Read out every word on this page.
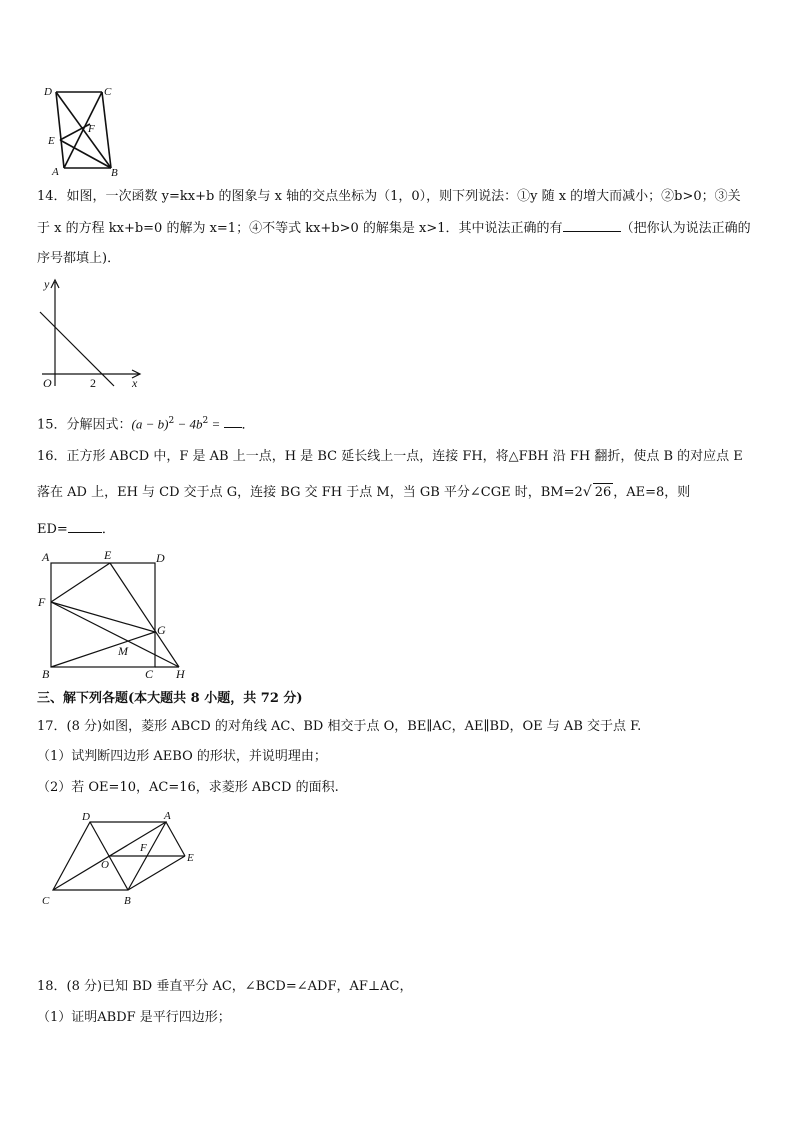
D	C
E
F
A	B
14．如图，一次函数 y=kx+b 的图象与 x 轴的交点坐标为（1，0），则下列说法：①y 随 x 的增大而减小；②b>0；③关
于 x 的方程 kx+b=0 的解为 x=1；④不等式 kx+b>0 的解集是 x>1．其中说法正确的有	（把你认为说法正确的
序号都填上)．
y
x
O	2
15．分解因式：$(a - b)^2 - 4b^2$ = ．
16．正方形 ABCD 中，F 是 AB 上一点，H 是 BC 延长线上一点，连接 FH，将△FBH 沿 FH 翻折，使点 B 的对应点 E
落在 AD 上，EH 与 CD 交于点 G，连接 BG 交 FH 于点 M，当 GB 平分∠CGE 时，BM=2√ 26 ，AE=8，则
ED=	．
A	E	D
F
G
M
B	C H
三、解下列各题(本大题共 8 小题，共 72 分)
17．(8 分)如图，菱形 ABCD 的对角线 AC、BD 相交于点 O，BE∥AC，AE∥BD，OE 与 AB 交于点 F.
（1）试判断四边形 AEBO 的形状，并说明理由；
（2）若 OE=10，AC=16，求菱形 ABCD 的面积.
D	A
F
O
E
C	B
18．(8 分)已知 BD 垂直平分 AC，∠BCD=∠ADF，AF⊥AC，
（1）证明ABDF 是平行四边形；
